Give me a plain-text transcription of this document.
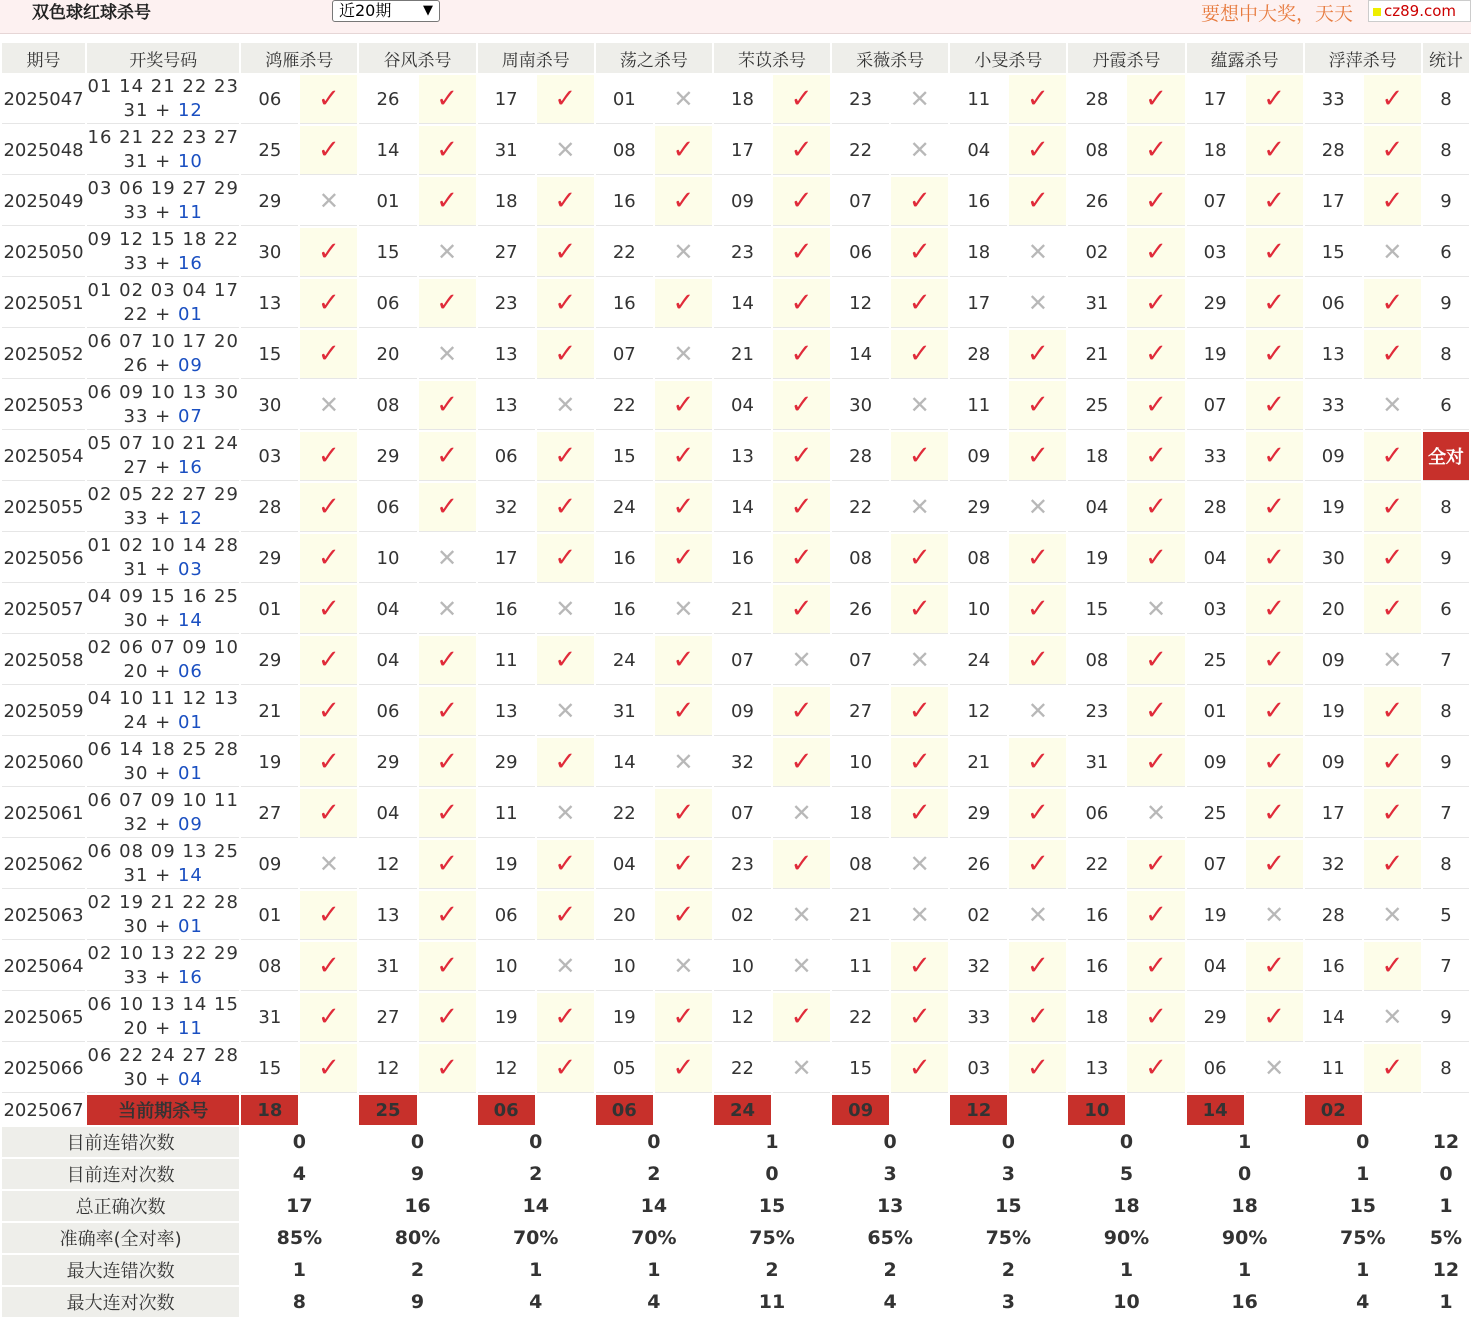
双色球红球杀号	近20期 ▼	要想中大奖，天天	cz89.com
期号	开奖号码	鸿雁杀号		谷风杀号		周南杀号		荡之杀号		芣苡杀号		采薇杀号		小旻杀号		丹霞杀号		蕴露杀号		浮萍杀号		统计
2025047	01 14 21 22 23
31 + 12	06	✓	26	✓	17	✓	01	✕	18	✓	23	✕	11	✓	28	✓	17	✓	33	✓	8
2025048	16 21 22 23 27
31 + 10	25	✓	14	✓	31	✕	08	✓	17	✓	22	✕	04	✓	08	✓	18	✓	28	✓	8
2025049	03 06 19 27 29
33 + 11	29	✕	01	✓	18	✓	16	✓	09	✓	07	✓	16	✓	26	✓	07	✓	17	✓	9
2025050	09 12 15 18 22
33 + 16	30	✓	15	✕	27	✓	22	✕	23	✓	06	✓	18	✕	02	✓	03	✓	15	✕	6
2025051	01 02 03 04 17
22 + 01	13	✓	06	✓	23	✓	16	✓	14	✓	12	✓	17	✕	31	✓	29	✓	06	✓	9
2025052	06 07 10 17 20
26 + 09	15	✓	20	✕	13	✓	07	✕	21	✓	14	✓	28	✓	21	✓	19	✓	13	✓	8
2025053	06 09 10 13 30
33 + 07	30	✕	08	✓	13	✕	22	✓	04	✓	30	✕	11	✓	25	✓	07	✓	33	✕	6
2025054	05 07 10 21 24
27 + 16	03	✓	29	✓	06	✓	15	✓	13	✓	28	✓	09	✓	18	✓	33	✓	09	✓	全对
2025055	02 05 22 27 29
33 + 12	28	✓	06	✓	32	✓	24	✓	14	✓	22	✕	29	✕	04	✓	28	✓	19	✓	8
2025056	01 02 10 14 28
31 + 03	29	✓	10	✕	17	✓	16	✓	16	✓	08	✓	08	✓	19	✓	04	✓	30	✓	9
2025057	04 09 15 16 25
30 + 14	01	✓	04	✕	16	✕	16	✕	21	✓	26	✓	10	✓	15	✕	03	✓	20	✓	6
2025058	02 06 07 09 10
20 + 06	29	✓	04	✓	11	✓	24	✓	07	✕	07	✕	24	✓	08	✓	25	✓	09	✕	7
2025059	04 10 11 12 13
24 + 01	21	✓	06	✓	13	✕	31	✓	09	✓	27	✓	12	✕	23	✓	01	✓	19	✓	8
2025060	06 14 18 25 28
30 + 01	19	✓	29	✓	29	✓	14	✕	32	✓	10	✓	21	✓	31	✓	09	✓	09	✓	9
2025061	06 07 09 10 11
32 + 09	27	✓	04	✓	11	✕	22	✓	07	✕	18	✓	29	✓	06	✕	25	✓	17	✓	7
2025062	06 08 09 13 25
31 + 14	09	✕	12	✓	19	✓	04	✓	23	✓	08	✕	26	✓	22	✓	07	✓	32	✓	8
2025063	02 19 21 22 28
30 + 01	01	✓	13	✓	06	✓	20	✓	02	✕	21	✕	02	✕	16	✓	19	✕	28	✕	5
2025064	02 10 13 22 29
33 + 16	08	✓	31	✓	10	✕	10	✕	10	✕	11	✓	32	✓	16	✓	04	✓	16	✓	7
2025065	06 10 13 14 15
20 + 11	31	✓	27	✓	19	✓	19	✓	12	✓	22	✓	33	✓	18	✓	29	✓	14	✕	9
2025066	06 22 24 27 28
30 + 04	15	✓	12	✓	12	✓	05	✓	22	✕	15	✓	03	✓	13	✓	06	✕	11	✓	8
2025067	当前期杀号	18		25		06		06		24		09		12		10		14		02		
目前连错次数		0		0		0		0		1		0		0		0		1		0		12
目前连对次数		4		9		2		2		0		3		3		5		0		1		0
总正确次数		17		16		14		14		15		13		15		18		18		15		1
准确率(全对率)		85%		80%		70%		70%		75%		65%		75%		90%		90%		75%		5%
最大连错次数		1		2		1		1		2		2		2		1		1		1		12
最大连对次数		8		9		4		4		11		4		3		10		16		4		1
